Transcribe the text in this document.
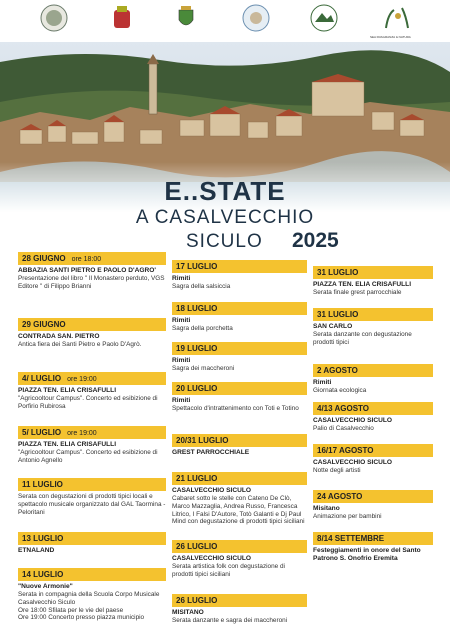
SEA FRAGRANZA & NATURA
E..STATE
A CASALVECCHIO
SICULO 2025
28 GIUGNO ore 18:00
ABBAZIA SANTI PIETRO E PAOLO D'AGRO'
Presentazione del libro " Il Monastero perduto, VGS Editore " di Filippo Brianni
29 GIUGNO
CONTRADA SAN. PIETRO
Antica fiera dei Santi Pietro e Paolo D'Agrò.
4/ LUGLIO ore 19:00
PIAZZA TEN. ELIA CRISAFULLI
"Agricooltour Campus". Concerto ed esibizione di Porfirio Rubirosa
5/ LUGLIO ore 19:00
PIAZZA TEN. ELIA CRISAFULLI
"Agricooltour Campus". Concerto ed esibizione di Antonio Agnello
11 LUGLIO
Serata con degustazioni di prodotti tipici locali e spettacolo musicale organizzato dal GAL Taormina - Peloritani
13 LUGLIO
ETNALAND
14 LUGLIO
"Nuove Armonie"
Serata in compagnia della Scuola Corpo Musicale Casalvecchio Siculo
Ore 18:00 Sfilata per le vie del paese
Ore 19:00 Concerto presso piazza municipio
17 LUGLIO
Rimiti
Sagra della salsiccia
18 LUGLIO
Rimiti
Sagra della porchetta
19 LUGLIO
Rimiti
Sagra dei maccheroni
20 LUGLIO
Rimiti
Spettacolo d'intrattenimento con Toti e Totino
20/31 LUGLIO
GREST PARROCCHIALE
21 LUGLIO
CASALVECCHIO SICULO
Cabaret sotto le stelle con Cateno De Clò, Marco Mazzaglia, Andrea Russo, Francesca Litrico, I Falsi D'Autore, Totò Galanti e Dj Paul Mind con degustazione di prodotti tipici siciliani
26 LUGLIO
CASALVECCHIO SICULO
Serata artistica folk con degustazione di prodotti tipici siciliani
26 LUGLIO
MISITANO
Serata danzante e sagra dei maccheroni
31 LUGLIO
PIAZZA TEN. ELIA CRISAFULLI
Serata finale grest parrocchiale
31 LUGLIO
SAN CARLO
Serata danzante con degustazione prodotti tipici
2 AGOSTO
Rimiti
Giornata ecologica
4/13 AGOSTO
CASALVECCHIO SICULO
Palio di Casalvecchio
16/17 AGOSTO
CASALVECCHIO SICULO
Notte degli artisti
24 AGOSTO
Misitano
Animazione per bambini
8/14 SETTEMBRE
Festeggiamenti in onore del Santo Patrono S. Onofrio Eremita
